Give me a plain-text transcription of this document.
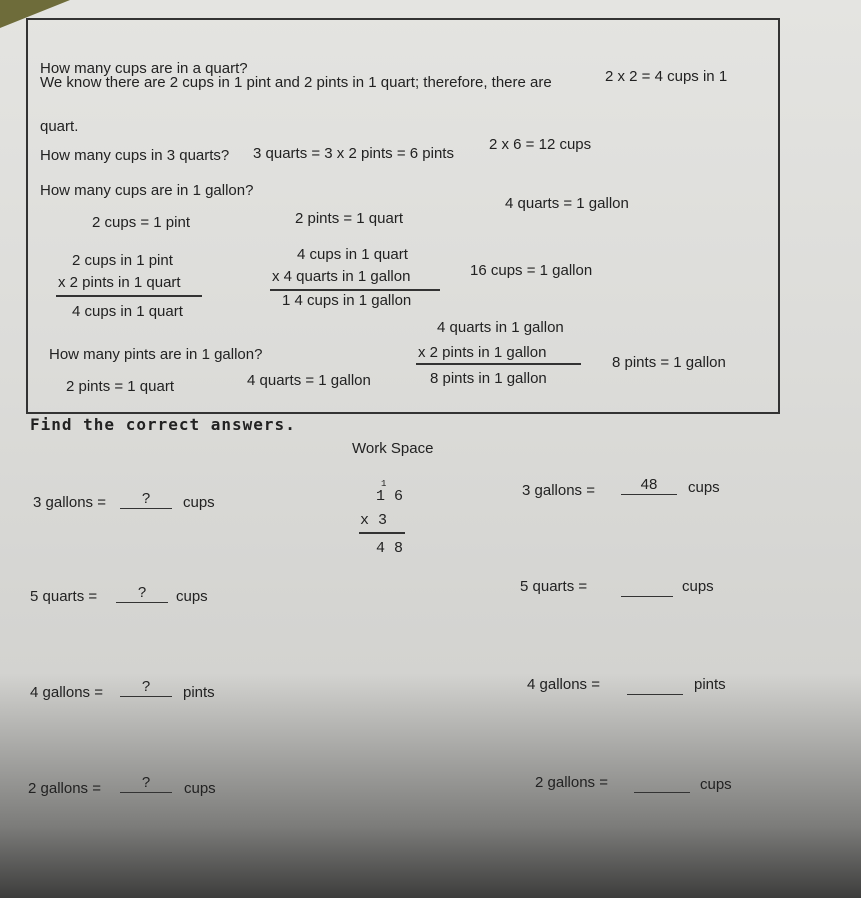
How many cups are in a quart?
We know there are 2 cups in 1 pint and 2 pints in 1 quart; therefore, there are	2 x 2 = 4 cups in 1
quart.
How many cups in 3 quarts? 3 quarts = 3 x 2 pints = 6 pints
2 x 6 = 12 cups
How many cups are in 1 gallon?
2 cups = 1 pint	2 pints = 1 quart
4 quarts = 1 gallon
2 cups in 1 pint
x 2 pints in 1 quart
4 cups in 1 quart
4 cups in 1 quart
x 4 quarts in 1 gallon
1 4 cups in 1 gallon
16 cups = 1 gallon
How many pints are in 1 gallon?
2 pints = 1 quart	4 quarts = 1 gallon
4 quarts in 1 gallon
x 2 pints in 1 gallon
8 pints in 1 gallon
8 pints = 1 gallon
Find the correct answers.
Work Space
1
1 6
x 3
4 8
3 gallons =	?	cups
3 gallons =	48	cups
5 quarts =	?	cups
5 quarts =	cups
4 gallons =	?	pints	4 gallons =	pints
2 gallons =	?	cups	2 gallons =	cups
